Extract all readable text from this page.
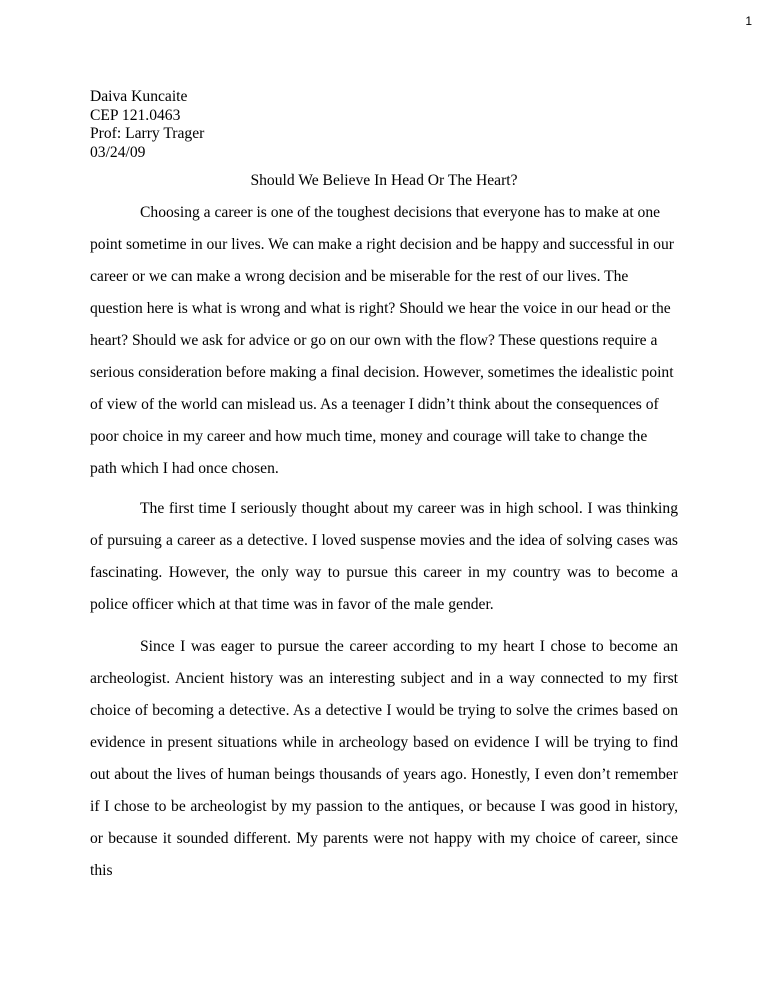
1
Daiva Kuncaite
CEP 121.0463
Prof: Larry Trager
03/24/09
Should We Believe In Head Or The Heart?

Choosing a career is one of the toughest decisions that everyone has to make at one point sometime in our lives. We can make a right decision and be happy and successful in our career or we can make a wrong decision and be miserable for the rest of our lives. The question here is what is wrong and what is right? Should we hear the voice in our head or the heart? Should we ask for advice or go on our own with the flow? These questions require a serious consideration before making a final decision. However, sometimes the idealistic point of view of the world can mislead us. As a teenager I didn’t think about the consequences of poor choice in my career and how much time, money and courage will take to change the path which I had once chosen.

The first time I seriously thought about my career was in high school. I was thinking of pursuing a career as a detective. I loved suspense movies and the idea of solving cases was fascinating. However, the only way to pursue this career in my country was to become a police officer which at that time was in favor of the male gender.

Since I was eager to pursue the career according to my heart I chose to become an archeologist. Ancient history was an interesting subject and in a way connected to my first choice of becoming a detective. As a detective I would be trying to solve the crimes based on evidence in present situations while in archeology based on evidence I will be trying to find out about the lives of human beings thousands of years ago. Honestly, I even don’t remember if I chose to be archeologist by my passion to the antiques, or because I was good in history, or because it sounded different. My parents were not happy with my choice of career, since this
